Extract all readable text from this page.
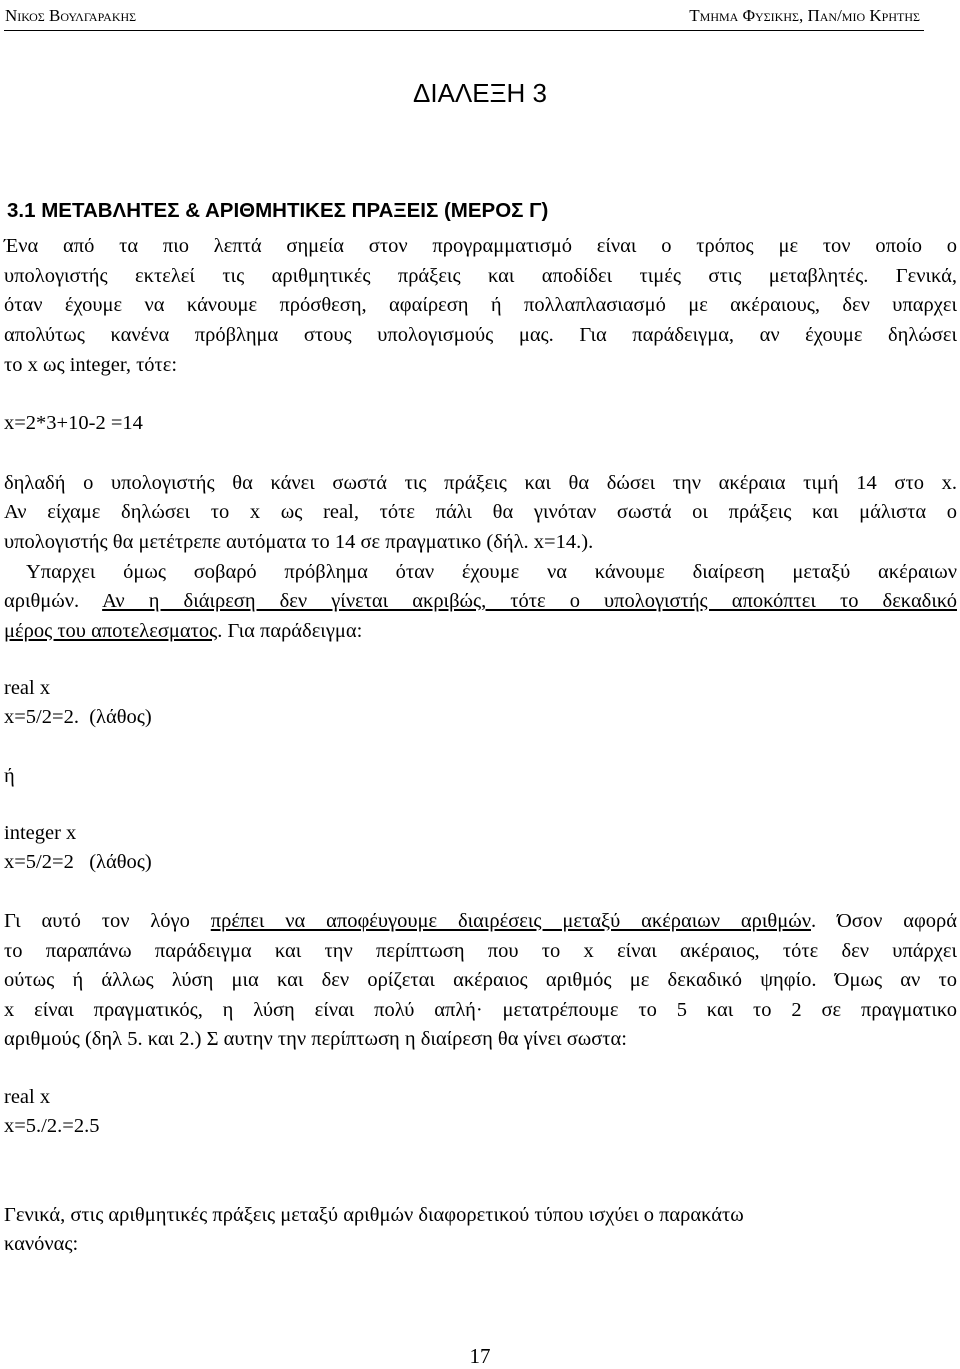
Νικος Βουλγαρακης	Τμημα Φυσικης, Παν/μιο Κρητης
ΔΙΑΛΕΞΗ 3
3.1 ΜΕΤΑΒΛΗΤΕΣ & ΑΡΙΘΜΗΤΙΚΕΣ ΠΡΑΞΕΙΣ (ΜΕΡΟΣ Γ)
Ένα από τα πιο λεπτά σημεία στον προγραμματισμό είναι ο τρόπος με τον οποίο ο
υπολογιστής εκτελεί τις αριθμητικές πράξεις και αποδίδει τιμές στις μεταβλητές. Γενικά,
όταν έχουμε να κάνουμε πρόσθεση, αφαίρεση ή πολλαπλασιασμό με ακέραιους, δεν υπαρχει
απολύτως κανένα πρόβλημα στους υπολογισμούς μας. Για παράδειγμα, αν έχουμε δηλώσει
το x ως integer, τότε:
x=2*3+10-2 =14
δηλαδή ο υπολογιστής θα κάνει σωστά τις πράξεις και θα δώσει την ακέραια τιμή 14 στο x.
Αν είχαμε δηλώσει το x ως real, τότε πάλι θα γινόταν σωστά οι πράξεις και μάλιστα ο
υπολογιστής θα μετέτρεπε αυτόματα το 14 σε πραγματικο (δήλ. x=14.).
Υπαρχει όμως σοβαρό πρόβλημα όταν έχουμε να κάνουμε διαίρεση μεταξύ ακέραιων
αριθμών. Αν η διάιρεση δεν γίνεται ακριβώς, τότε ο υπολογιστής αποκόπτει το δεκαδικό
μέρος του αποτελεσματος. Για παράδειγμα:
real x
x=5/2=2.  (λάθος)
ή
integer x
x=5/2=2   (λάθος)
Γι αυτό τον λόγο πρέπει να αποφέυγουμε διαιρέσεις μεταξύ ακέραιων αριθμών. Όσον αφορά
το παραπάνω παράδειγμα και την περίπτωση που το x είναι ακέραιος, τότε δεν υπάρχει
ούτως ή άλλως λύση μια και δεν ορίζεται ακέραιος αριθμός με δεκαδικό ψηφίο. Όμως αν το
x είναι πραγματικός, η λύση είναι πολύ απλή· μετατρέπουμε το 5 και το 2 σε πραγματικο
αριθμούς (δηλ 5. και 2.) Σ αυτην την περίπτωση η διαίρεση θα γίνει σωστα:
real x
x=5./2.=2.5
Γενικά, στις αριθμητικές πράξεις μεταξύ αριθμών διαφορετικού τύπου ισχύει ο παρακάτω
κανόνας:
17
